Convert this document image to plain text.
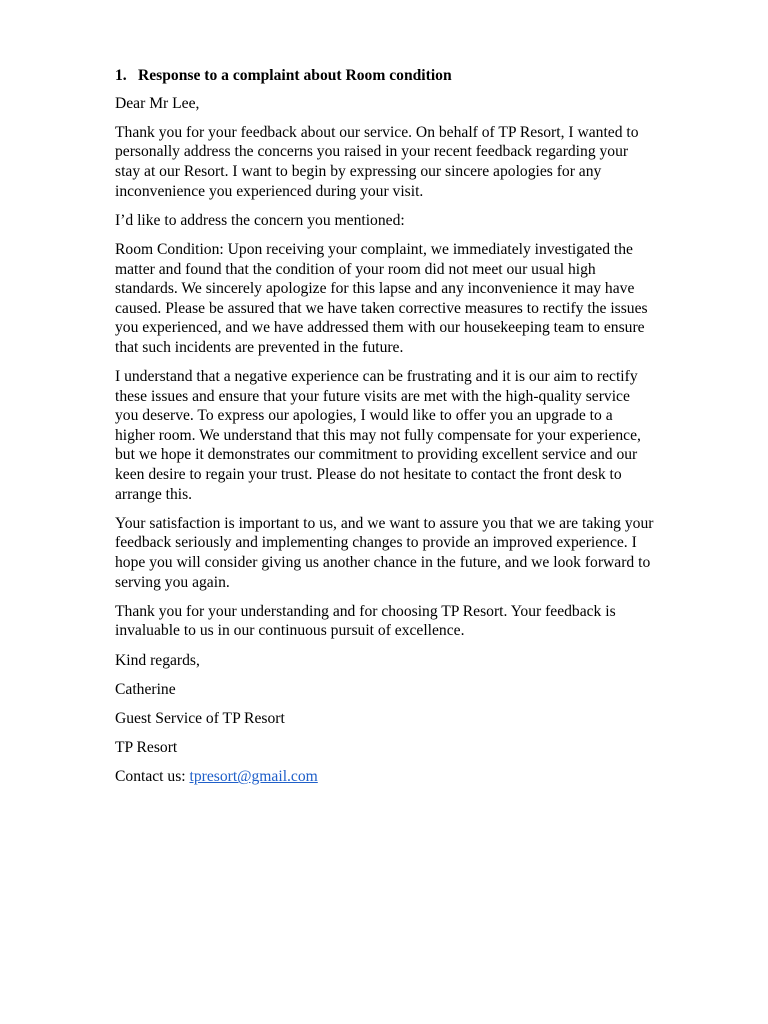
1. Response to a complaint about Room condition

Dear Mr Lee,

Thank you for your feedback about our service. On behalf of TP Resort, I wanted to
personally address the concerns you raised in your recent feedback regarding your
stay at our Resort. I want to begin by expressing our sincere apologies for any
inconvenience you experienced during your visit.

I’d like to address the concern you mentioned:

Room Condition: Upon receiving your complaint, we immediately investigated the
matter and found that the condition of your room did not meet our usual high
standards. We sincerely apologize for this lapse and any inconvenience it may have
caused. Please be assured that we have taken corrective measures to rectify the issues
you experienced, and we have addressed them with our housekeeping team to ensure
that such incidents are prevented in the future.

I understand that a negative experience can be frustrating and it is our aim to rectify
these issues and ensure that your future visits are met with the high-quality service
you deserve. To express our apologies, I would like to offer you an upgrade to a
higher room. We understand that this may not fully compensate for your experience,
but we hope it demonstrates our commitment to providing excellent service and our
keen desire to regain your trust. Please do not hesitate to contact the front desk to
arrange this.

Your satisfaction is important to us, and we want to assure you that we are taking your
feedback seriously and implementing changes to provide an improved experience. I
hope you will consider giving us another chance in the future, and we look forward to
serving you again.

Thank you for your understanding and for choosing TP Resort. Your feedback is
invaluable to us in our continuous pursuit of excellence.

Kind regards,

Catherine

Guest Service of TP Resort

TP Resort

Contact us: tpresort@gmail.com
